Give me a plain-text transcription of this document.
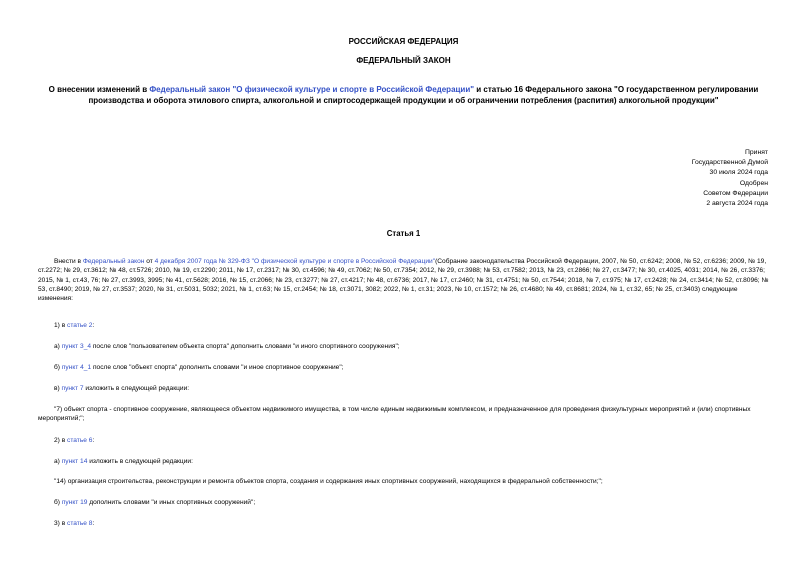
РОССИЙСКАЯ ФЕДЕРАЦИЯ
ФЕДЕРАЛЬНЫЙ ЗАКОН
О внесении изменений в Федеральный закон "О физической культуре и спорте в Российской Федерации" и статью 16 Федерального закона "О государственном регулировании производства и оборота этилового спирта, алкогольной и спиртосодержащей продукции и об ограничении потребления (распития) алкогольной продукции"
Принят
Государственной Думой
30 июля 2024 года
Одобрен
Советом Федерации
2 августа 2024 года
Статья 1
Внести в Федеральный закон от 4 декабря 2007 года № 329-ФЗ "О физической культуре и спорте в Российской Федерации"(Собрание законодательства Российской Федерации, 2007, № 50, ст.6242; 2008, № 52, ст.6236; 2009, № 19, ст.2272; № 29, ст.3612; № 48, ст.5726; 2010, № 19, ст.2290; 2011, № 17, ст.2317; № 30, ст.4596; № 49, ст.7062; № 50, ст.7354; 2012, № 29, ст.3988; № 53, ст.7582; 2013, № 23, ст.2866; № 27, ст.3477; № 30, ст.4025, 4031; 2014, № 26, ст.3376; 2015, № 1, ст.43, 76; № 27, ст.3993, 3995; № 41, ст.5628; 2016, № 15, ст.2066; № 23, ст.3277; № 27, ст.4217; № 48, ст.6736; 2017, № 17, ст.2460; № 31, ст.4751; № 50, ст.7544; 2018, № 7, ст.975; № 17, ст.2428; № 24, ст.3414; № 52, ст.8096; № 53, ст.8490; 2019, № 27, ст.3537; 2020, № 31, ст.5031, 5032; 2021, № 1, ст.63; № 15, ст.2454; № 18, ст.3071, 3082; 2022, № 1, ст.31; 2023, № 10, ст.1572; № 26, ст.4680; № 49, ст.8681; 2024, № 1, ст.32, 65; № 25, ст.3403) следующие изменения:
1) в статье 2:
а) пункт 3_4 после слов "пользователем объекта спорта" дополнить словами "и иного спортивного сооружения";
б) пункт 4_1 после слов "объект спорта" дополнить словами "и иное спортивное сооружение";
в) пункт 7 изложить в следующей редакции:
"7) объект спорта - спортивное сооружение, являющееся объектом недвижимого имущества, в том числе единым недвижимым комплексом, и предназначенное для проведения физкультурных мероприятий и (или) спортивных мероприятий;";
2) в статье 6:
а) пункт 14 изложить в следующей редакции:
"14) организация строительства, реконструкции и ремонта объектов спорта, создания и содержания иных спортивных сооружений, находящихся в федеральной собственности;";
б) пункт 19 дополнить словами "и иных спортивных сооружений";
3) в статье 8:
